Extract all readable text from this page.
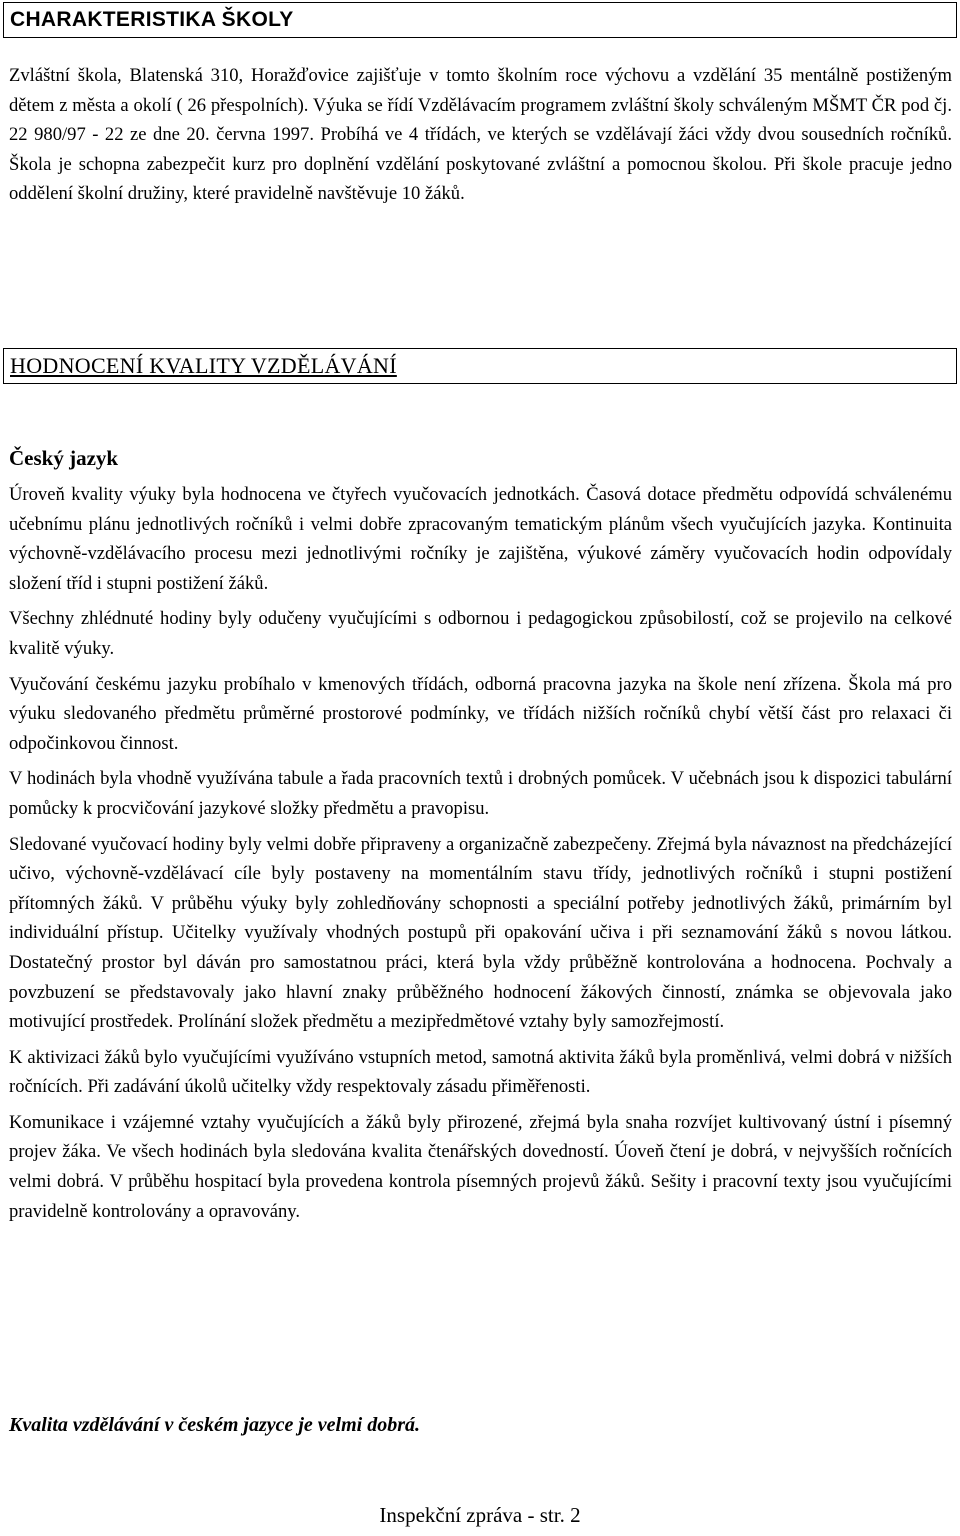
CHARAKTERISTIKA ŠKOLY

Zvláštní škola, Blatenská 310, Horažďovice zajišťuje v tomto školním roce výchovu a vzdělání 35 mentálně postiženým dětem z města a okolí ( 26 přespolních). Výuka se řídí Vzdělávacím programem zvláštní školy schváleným MŠMT ČR pod čj. 22 980/97 - 22 ze dne 20. června 1997. Probíhá ve 4 třídách, ve kterých se vzdělávají žáci vždy dvou sousedních ročníků. Škola je schopna zabezpečit kurz pro doplnění vzdělání poskytované zvláštní a pomocnou školou. Při škole pracuje jedno oddělení školní družiny, které pravidelně navštěvuje 10 žáků.

HODNOCENÍ KVALITY VZDĚLÁVÁNÍ
Český jazyk

Úroveň kvality výuky byla hodnocena ve čtyřech vyučovacích jednotkách. Časová dotace předmětu odpovídá schválenému učebnímu plánu jednotlivých ročníků i velmi dobře zpracovaným tematickým plánům všech vyučujících jazyka. Kontinuita výchovně-vzdělávacího procesu mezi jednotlivými ročníky je zajištěna, výukové záměry vyučovacích hodin odpovídaly složení tříd i stupni postižení žáků.

Všechny zhlédnuté hodiny byly odučeny vyučujícími s odbornou i pedagogickou způsobilostí, což se projevilo na celkové kvalitě výuky.

Vyučování českému jazyku probíhalo v kmenových třídách, odborná pracovna jazyka na škole není zřízena. Škola má pro výuku sledovaného předmětu průměrné prostorové podmínky, ve třídách nižších ročníků chybí větší část pro relaxaci či odpočinkovou činnost.

V hodinách byla vhodně využívána tabule a řada pracovních textů i drobných pomůcek. V učebnách jsou k dispozici tabulární pomůcky k procvičování jazykové složky předmětu a pravopisu.

Sledované vyučovací hodiny byly velmi dobře připraveny a organizačně zabezpečeny. Zřejmá byla návaznost na předcházející učivo, výchovně-vzdělávací cíle byly postaveny na momentálním stavu třídy, jednotlivých ročníků i stupni postižení přítomných žáků. V průběhu výuky byly zohledňovány schopnosti a speciální potřeby jednotlivých žáků, primárním byl individuální přístup. Učitelky využívaly vhodných postupů při opakování učiva i při seznamování žáků s novou látkou. Dostatečný prostor byl dáván pro samostatnou práci, která byla vždy průběžně kontrolována a hodnocena. Pochvaly a povzbuzení se představovaly jako hlavní znaky průběžného hodnocení žákových činností, známka se objevovala jako motivující prostředek. Prolínání složek předmětu a mezipředmětové vztahy byly samozřejmostí.

K aktivizaci žáků bylo vyučujícími využíváno vstupních metod, samotná aktivita žáků byla proměnlivá, velmi dobrá v nižších ročnících. Při zadávání úkolů učitelky vždy respektovaly zásadu přiměřenosti.

Komunikace i vzájemné vztahy vyučujících a žáků byly přirozené, zřejmá byla snaha rozvíjet kultivovaný ústní i písemný projev žáka. Ve všech hodinách byla sledována kvalita čtenářských dovedností. Úoveň čtení je dobrá, v nejvyšších ročnících velmi dobrá. V průběhu hospitací byla provedena kontrola písemných projevů žáků. Sešity i pracovní texty jsou vyučujícími pravidelně kontrolovány a opravovány.

Kvalita vzdělávání v českém jazyce je velmi dobrá.

Inspekční zpráva - str. 2
